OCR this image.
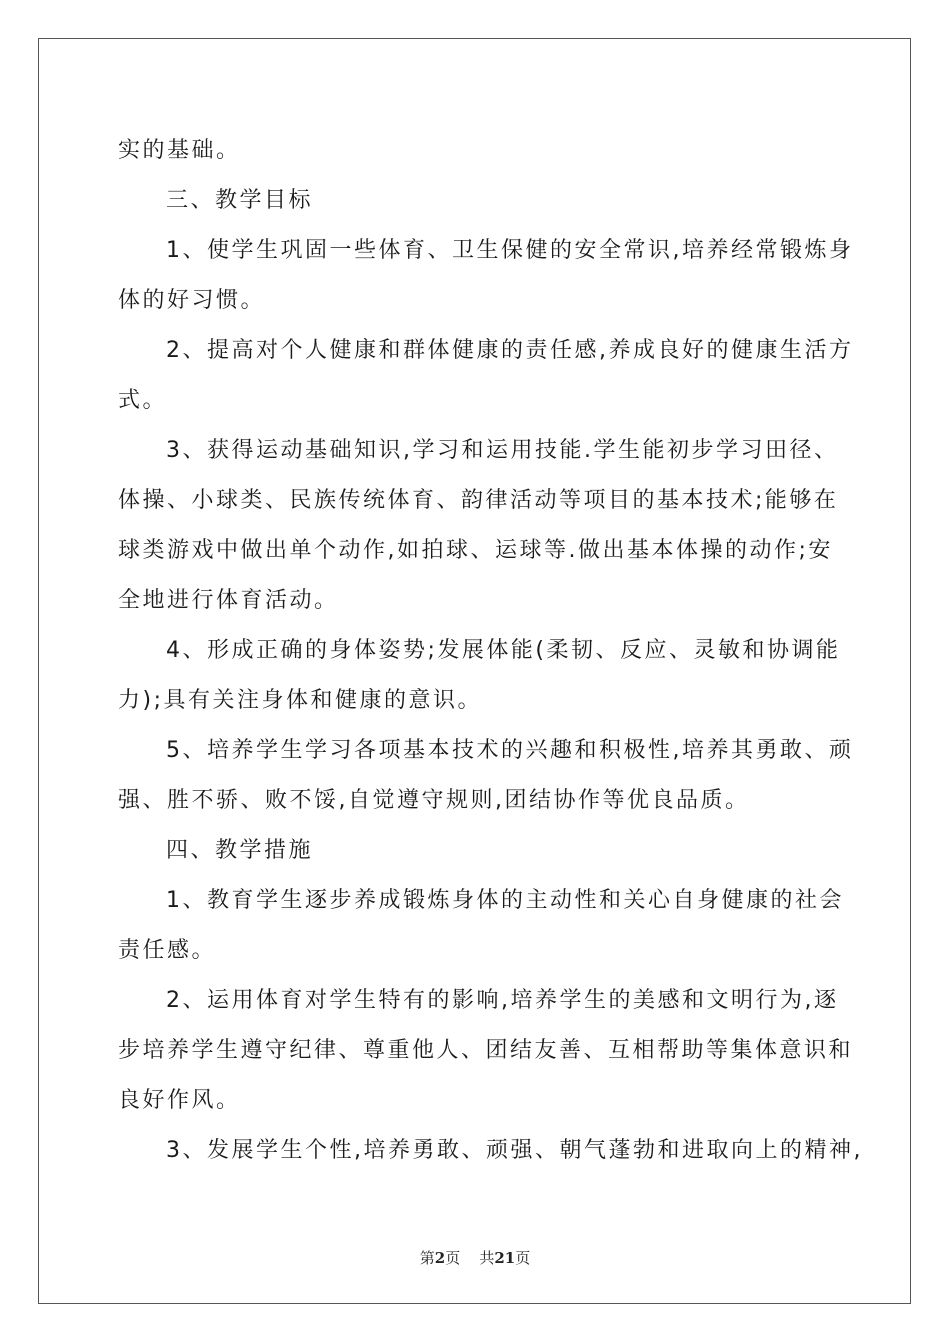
实的基础。
三、教学目标
1、使学生巩固一些体育、卫生保健的安全常识,培养经常锻炼身
体的好习惯。
2、提高对个人健康和群体健康的责任感,养成良好的健康生活方
式。
3、获得运动基础知识,学习和运用技能.学生能初步学习田径、
体操、小球类、民族传统体育、韵律活动等项目的基本技术;能够在
球类游戏中做出单个动作,如拍球、运球等.做出基本体操的动作;安
全地进行体育活动。
4、形成正确的身体姿势;发展体能(柔韧、反应、灵敏和协调能
力);具有关注身体和健康的意识。
5、培养学生学习各项基本技术的兴趣和积极性,培养其勇敢、顽
强、胜不骄、败不馁,自觉遵守规则,团结协作等优良品质。
四、教学措施
1、教育学生逐步养成锻炼身体的主动性和关心自身健康的社会
责任感。
2、运用体育对学生特有的影响,培养学生的美感和文明行为,逐
步培养学生遵守纪律、尊重他人、团结友善、互相帮助等集体意识和
良好作风。
3、发展学生个性,培养勇敢、顽强、朝气蓬勃和进取向上的精神,
第2页 共21页
